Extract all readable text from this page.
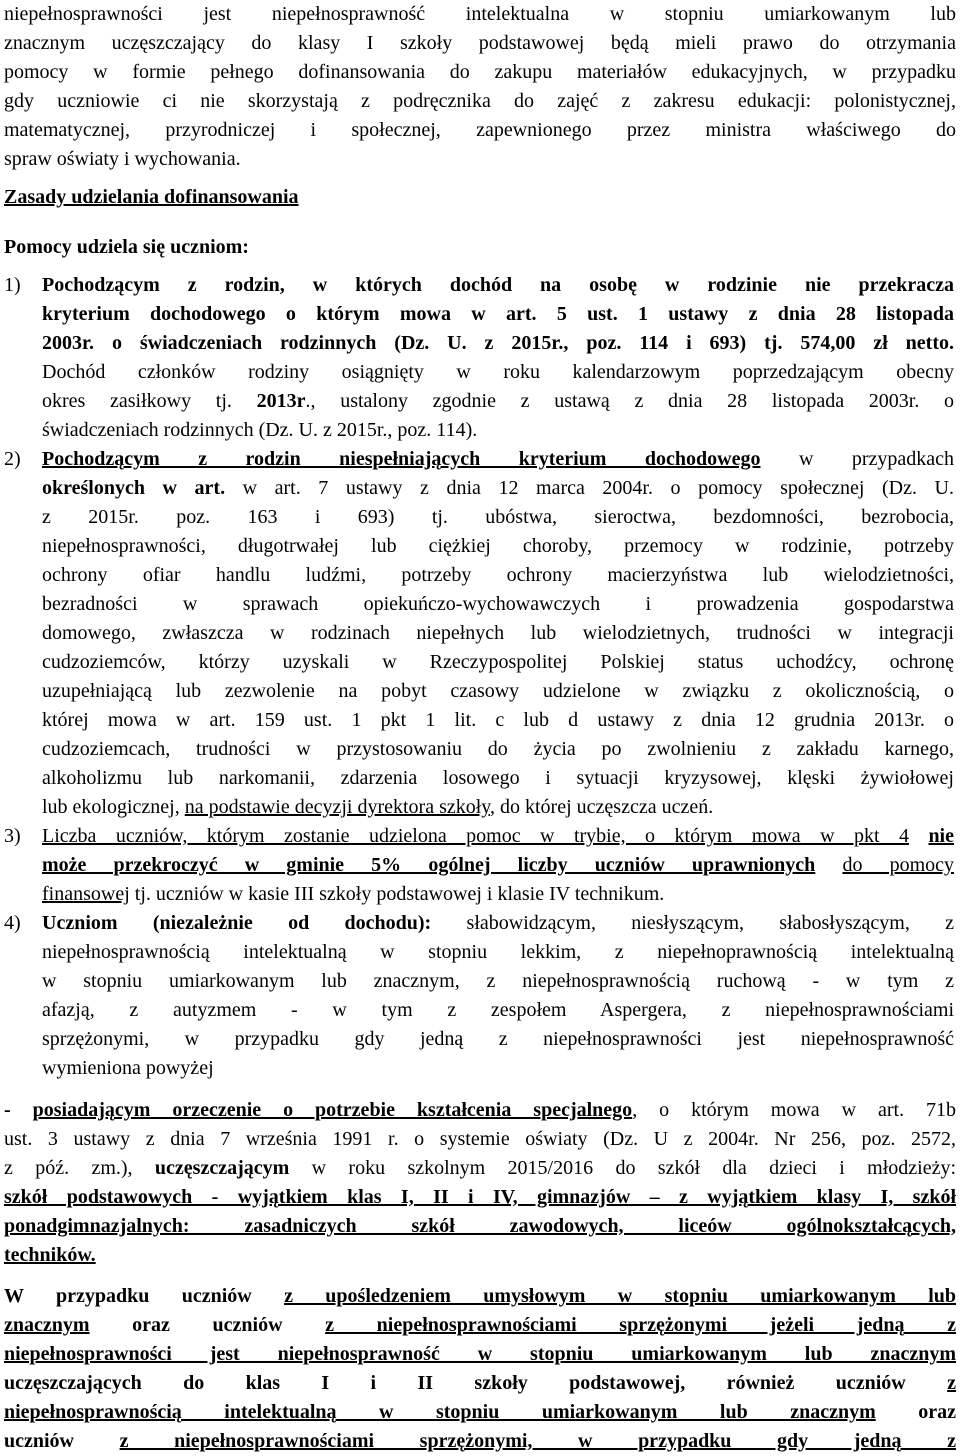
niepełnosprawności jest niepełnosprawność intelektualna w stopniu umiarkowanym lub
znacznym uczęszczający do klasy I szkoły podstawowej będą mieli prawo do otrzymania
pomocy w formie pełnego dofinansowania do zakupu materiałów edukacyjnych, w przypadku
gdy uczniowie ci nie skorzystają z podręcznika do zajęć z zakresu edukacji: polonistycznej,
matematycznej, przyrodniczej i społecznej, zapewnionego przez ministra właściwego do
spraw oświaty i wychowania.
Zasady udzielania dofinansowania
Pomocy udziela się uczniom:
1) Pochodzącym z rodzin, w których dochód na osobę w rodzinie nie przekracza
kryterium dochodowego o którym mowa w art. 5 ust. 1 ustawy z dnia 28 listopada
2003r. o świadczeniach rodzinnych (Dz. U. z 2015r., poz. 114 i 693) tj. 574,00 zł netto.
Dochód członków rodziny osiągnięty w roku kalendarzowym poprzedzającym obecny
okres zasiłkowy tj. 2013r., ustalony zgodnie z ustawą z dnia 28 listopada 2003r. o
świadczeniach rodzinnych (Dz. U. z 2015r., poz. 114).
2) Pochodzącym z rodzin niespełniających kryterium dochodowego w przypadkach
określonych w art. w art. 7 ustawy z dnia 12 marca 2004r. o pomocy społecznej (Dz. U.
z 2015r. poz. 163 i 693) tj. ubóstwa, sieroctwa, bezdomności, bezrobocia,
niepełnosprawności, długotrwałej lub ciężkiej choroby, przemocy w rodzinie, potrzeby
ochrony ofiar handlu ludźmi, potrzeby ochrony macierzyństwa lub wielodzietności,
bezradności w sprawach opiekuńczo-wychowawczych i prowadzenia gospodarstwa
domowego, zwłaszcza w rodzinach niepełnych lub wielodzietnych, trudności w integracji
cudzoziemców, którzy uzyskali w Rzeczypospolitej Polskiej status uchodźcy, ochronę
uzupełniającą lub zezwolenie na pobyt czasowy udzielone w związku z okolicznością, o
której mowa w art. 159 ust. 1 pkt 1 lit. c lub d ustawy z dnia 12 grudnia 2013r. o
cudzoziemcach, trudności w przystosowaniu do życia po zwolnieniu z zakładu karnego,
alkoholizmu lub narkomanii, zdarzenia losowego i sytuacji kryzysowej, klęski żywiołowej
lub ekologicznej, na podstawie decyzji dyrektora szkoły, do której uczęszcza uczeń.
3) Liczba uczniów, którym zostanie udzielona pomoc w trybie, o którym mowa w pkt 4 nie
może przekroczyć w gminie 5% ogólnej liczby uczniów uprawnionych do pomocy
finansowej tj. uczniów w kasie III szkoły podstawowej i klasie IV technikum.
4) Uczniom (niezależnie od dochodu): słabowidzącym, niesłyszącym, słabosłyszącym, z
niepełnosprawnością intelektualną w stopniu lekkim, z niepełnoprawnością intelektualną
w stopniu umiarkowanym lub znacznym, z niepełnosprawnością ruchową - w tym z
afazją, z autyzmem - w tym z zespołem Aspergera, z niepełnosprawnościami
sprzężonymi, w przypadku gdy jedną z niepełnosprawności jest niepełnosprawność
wymieniona powyżej
- posiadającym orzeczenie o potrzebie kształcenia specjalnego, o którym mowa w art. 71b
ust. 3 ustawy z dnia 7 września 1991 r. o systemie oświaty (Dz. U z 2004r. Nr 256, poz. 2572,
z póź. zm.), uczęszczającym w roku szkolnym 2015/2016 do szkół dla dzieci i młodzieży:
szkół podstawowych - wyjątkiem klas I, II i IV, gimnazjów – z wyjątkiem klasy I, szkół
ponadgimnazjalnych: zasadniczych szkół zawodowych, liceów ogólnokształcących,
techników.
W przypadku uczniów z upośledzeniem umysłowym w stopniu umiarkowanym lub
znacznym oraz uczniów z niepełnosprawnościami sprzężonymi jeżeli jedną z
niepełnosprawności jest niepełnosprawność w stopniu umiarkowanym lub znacznym
uczęszczających do klas I i II szkoły podstawowej, również uczniów z
niepełnosprawnością intelektualną w stopniu umiarkowanym lub znacznym oraz
uczniów z niepełnosprawnościami sprzężonymi, w przypadku gdy jedną z
